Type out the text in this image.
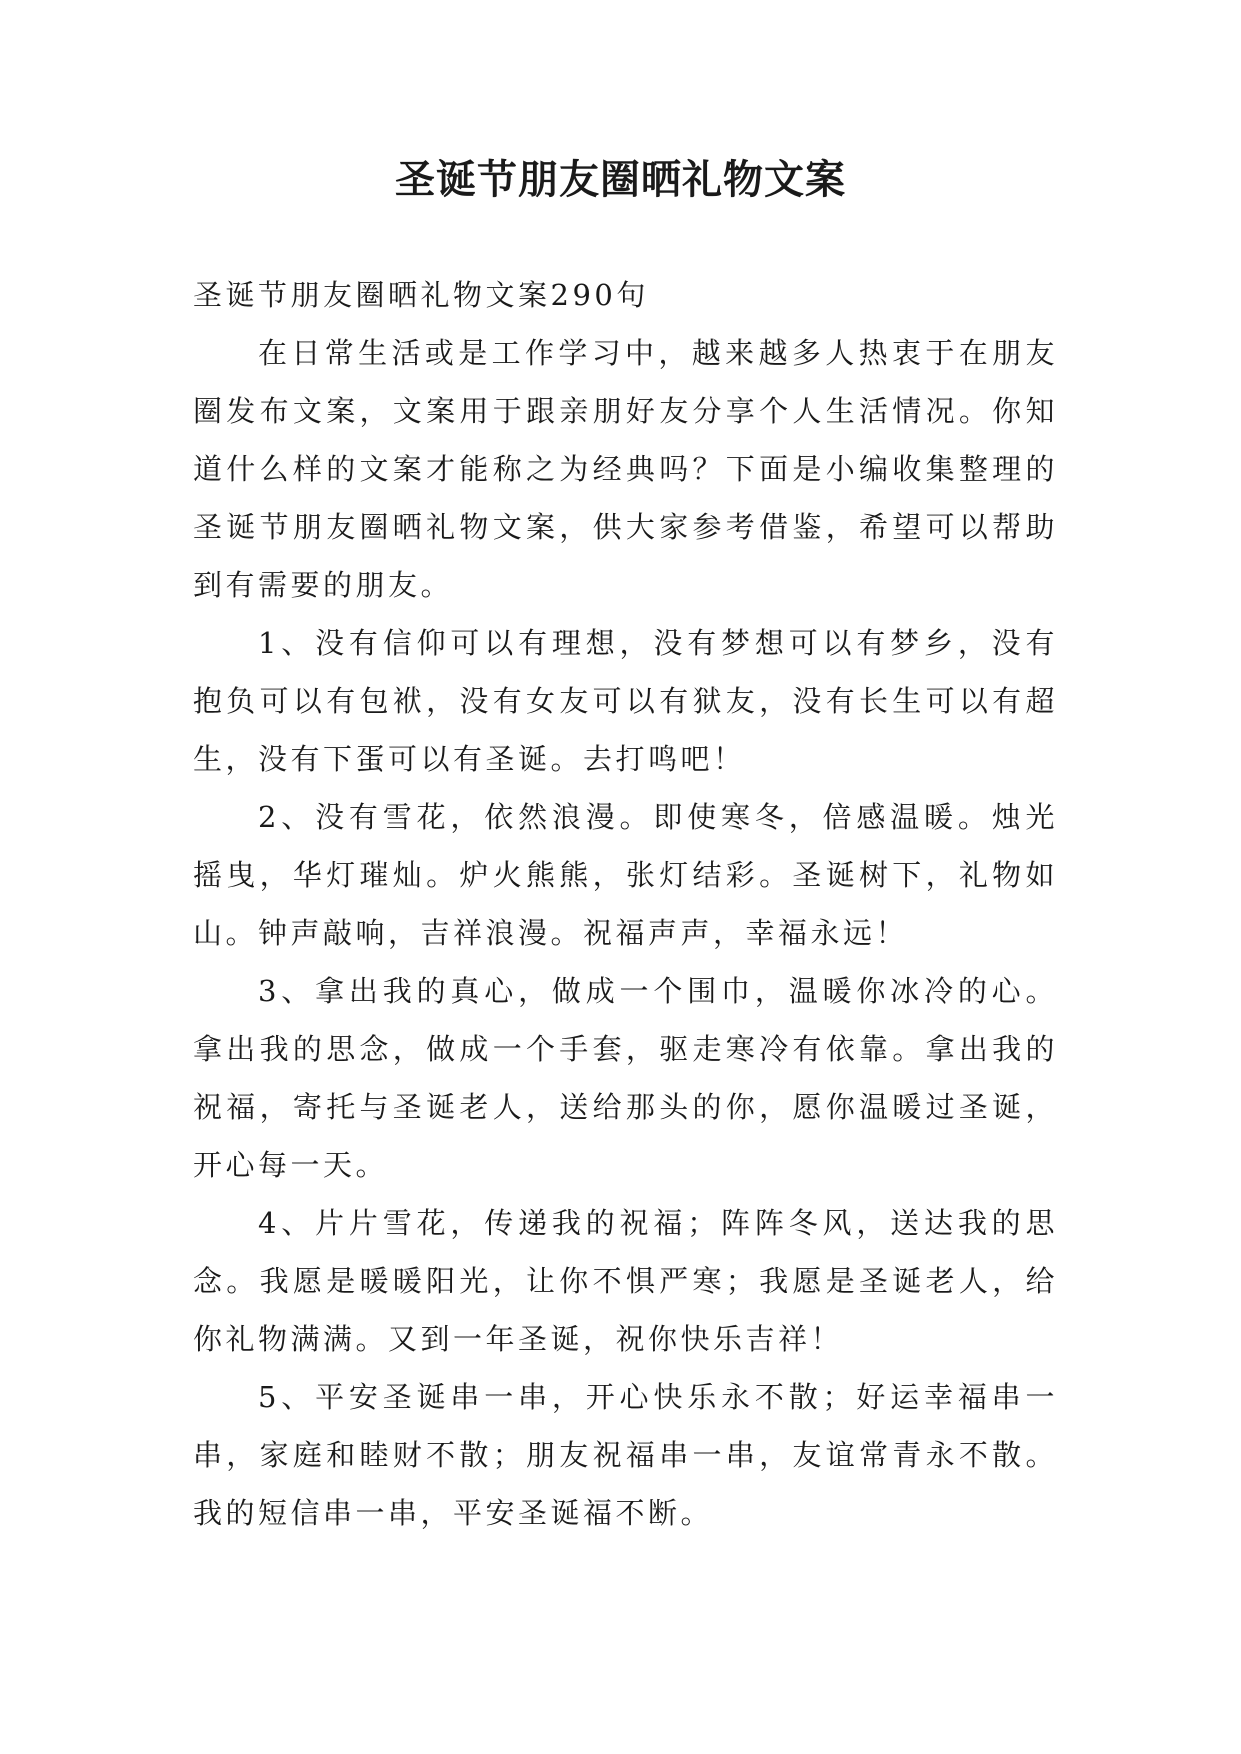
圣诞节朋友圈晒礼物文案

圣诞节朋友圈晒礼物文案290句

在日常生活或是工作学习中，越来越多人热衷于在朋友圈发布文案，文案用于跟亲朋好友分享个人生活情况。你知道什么样的文案才能称之为经典吗？下面是小编收集整理的圣诞节朋友圈晒礼物文案，供大家参考借鉴，希望可以帮助到有需要的朋友。

1、没有信仰可以有理想，没有梦想可以有梦乡，没有抱负可以有包袱，没有女友可以有狱友，没有长生可以有超生，没有下蛋可以有圣诞。去打鸣吧！

2、没有雪花，依然浪漫。即使寒冬，倍感温暖。烛光摇曳，华灯璀灿。炉火熊熊，张灯结彩。圣诞树下，礼物如山。钟声敲响，吉祥浪漫。祝福声声，幸福永远！

3、拿出我的真心，做成一个围巾，温暖你冰冷的心。拿出我的思念，做成一个手套，驱走寒冷有依靠。拿出我的祝福，寄托与圣诞老人，送给那头的你，愿你温暖过圣诞，开心每一天。

4、片片雪花，传递我的祝福；阵阵冬风，送达我的思念。我愿是暖暖阳光，让你不惧严寒；我愿是圣诞老人，给你礼物满满。又到一年圣诞，祝你快乐吉祥！

5、平安圣诞串一串，开心快乐永不散；好运幸福串一串，家庭和睦财不散；朋友祝福串一串，友谊常青永不散。我的短信串一串，平安圣诞福不断。
